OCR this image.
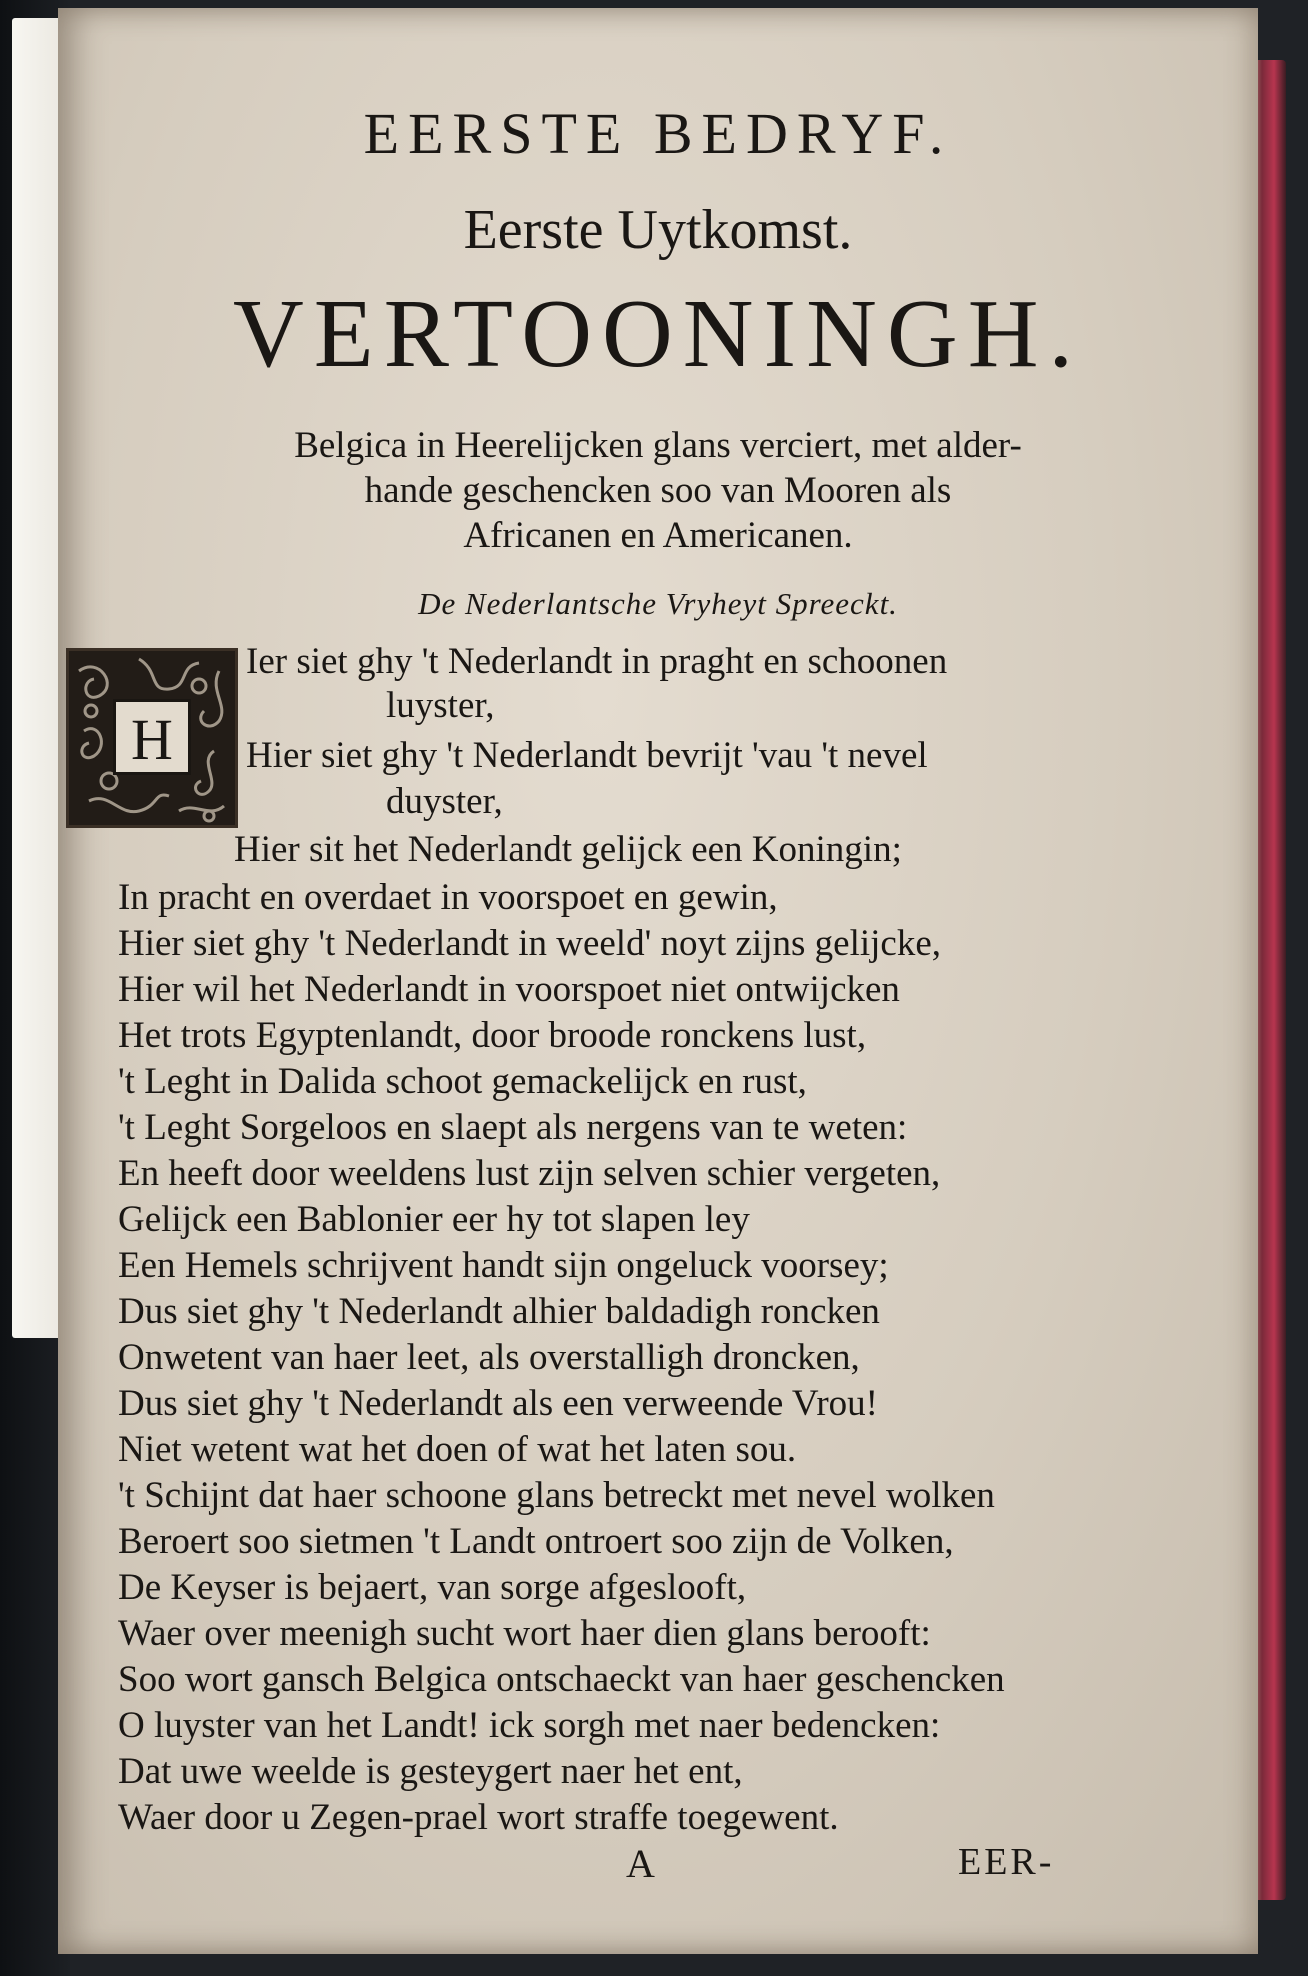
EERSTE BEDRYF.
Eerste Uytkomst.
VERTOONINGH.
Belgica in Heerelijcken glans verciert, met alder-
hande geschencken soo van Mooren als
Africanen en Americanen.
De Nederlantsche Vryheyt Spreeckt.
H
Ier siet ghy 't Nederlandt in praght en schoonen
luyster,
Hier siet ghy 't Nederlandt bevrijt 'vau 't nevel
duyster,
Hier sit het Nederlandt gelijck een Koningin;
In pracht en overdaet in voorspoet en gewin,
Hier siet ghy 't Nederlandt in weeld' noyt zijns gelijcke,
Hier wil het Nederlandt in voorspoet niet ontwijcken
Het trots Egyptenlandt, door broode ronckens lust,
't Leght in Dalida schoot gemackelijck en rust,
't Leght Sorgeloos en slaept als nergens van te weten:
En heeft door weeldens lust zijn selven schier vergeten,
Gelijck een Bablonier eer hy tot slapen ley
Een Hemels schrijvent handt sijn ongeluck voorsey;
Dus siet ghy 't Nederlandt alhier baldadigh roncken
Onwetent van haer leet, als overstalligh droncken,
Dus siet ghy 't Nederlandt als een verweende Vrou!
Niet wetent wat het doen of wat het laten sou.
't Schijnt dat haer schoone glans betreckt met nevel wolken
Beroert soo sietmen 't Landt ontroert soo zijn de Volken,
De Keyser is bejaert, van sorge afgeslooft,
Waer over meenigh sucht wort haer dien glans berooft:
Soo wort gansch Belgica ontschaeckt van haer geschencken
O luyster van het Landt! ick sorgh met naer bedencken:
Dat uwe weelde is gesteygert naer het ent,
Waer door u Zegen-prael wort straffe toegewent.
A	EER-
